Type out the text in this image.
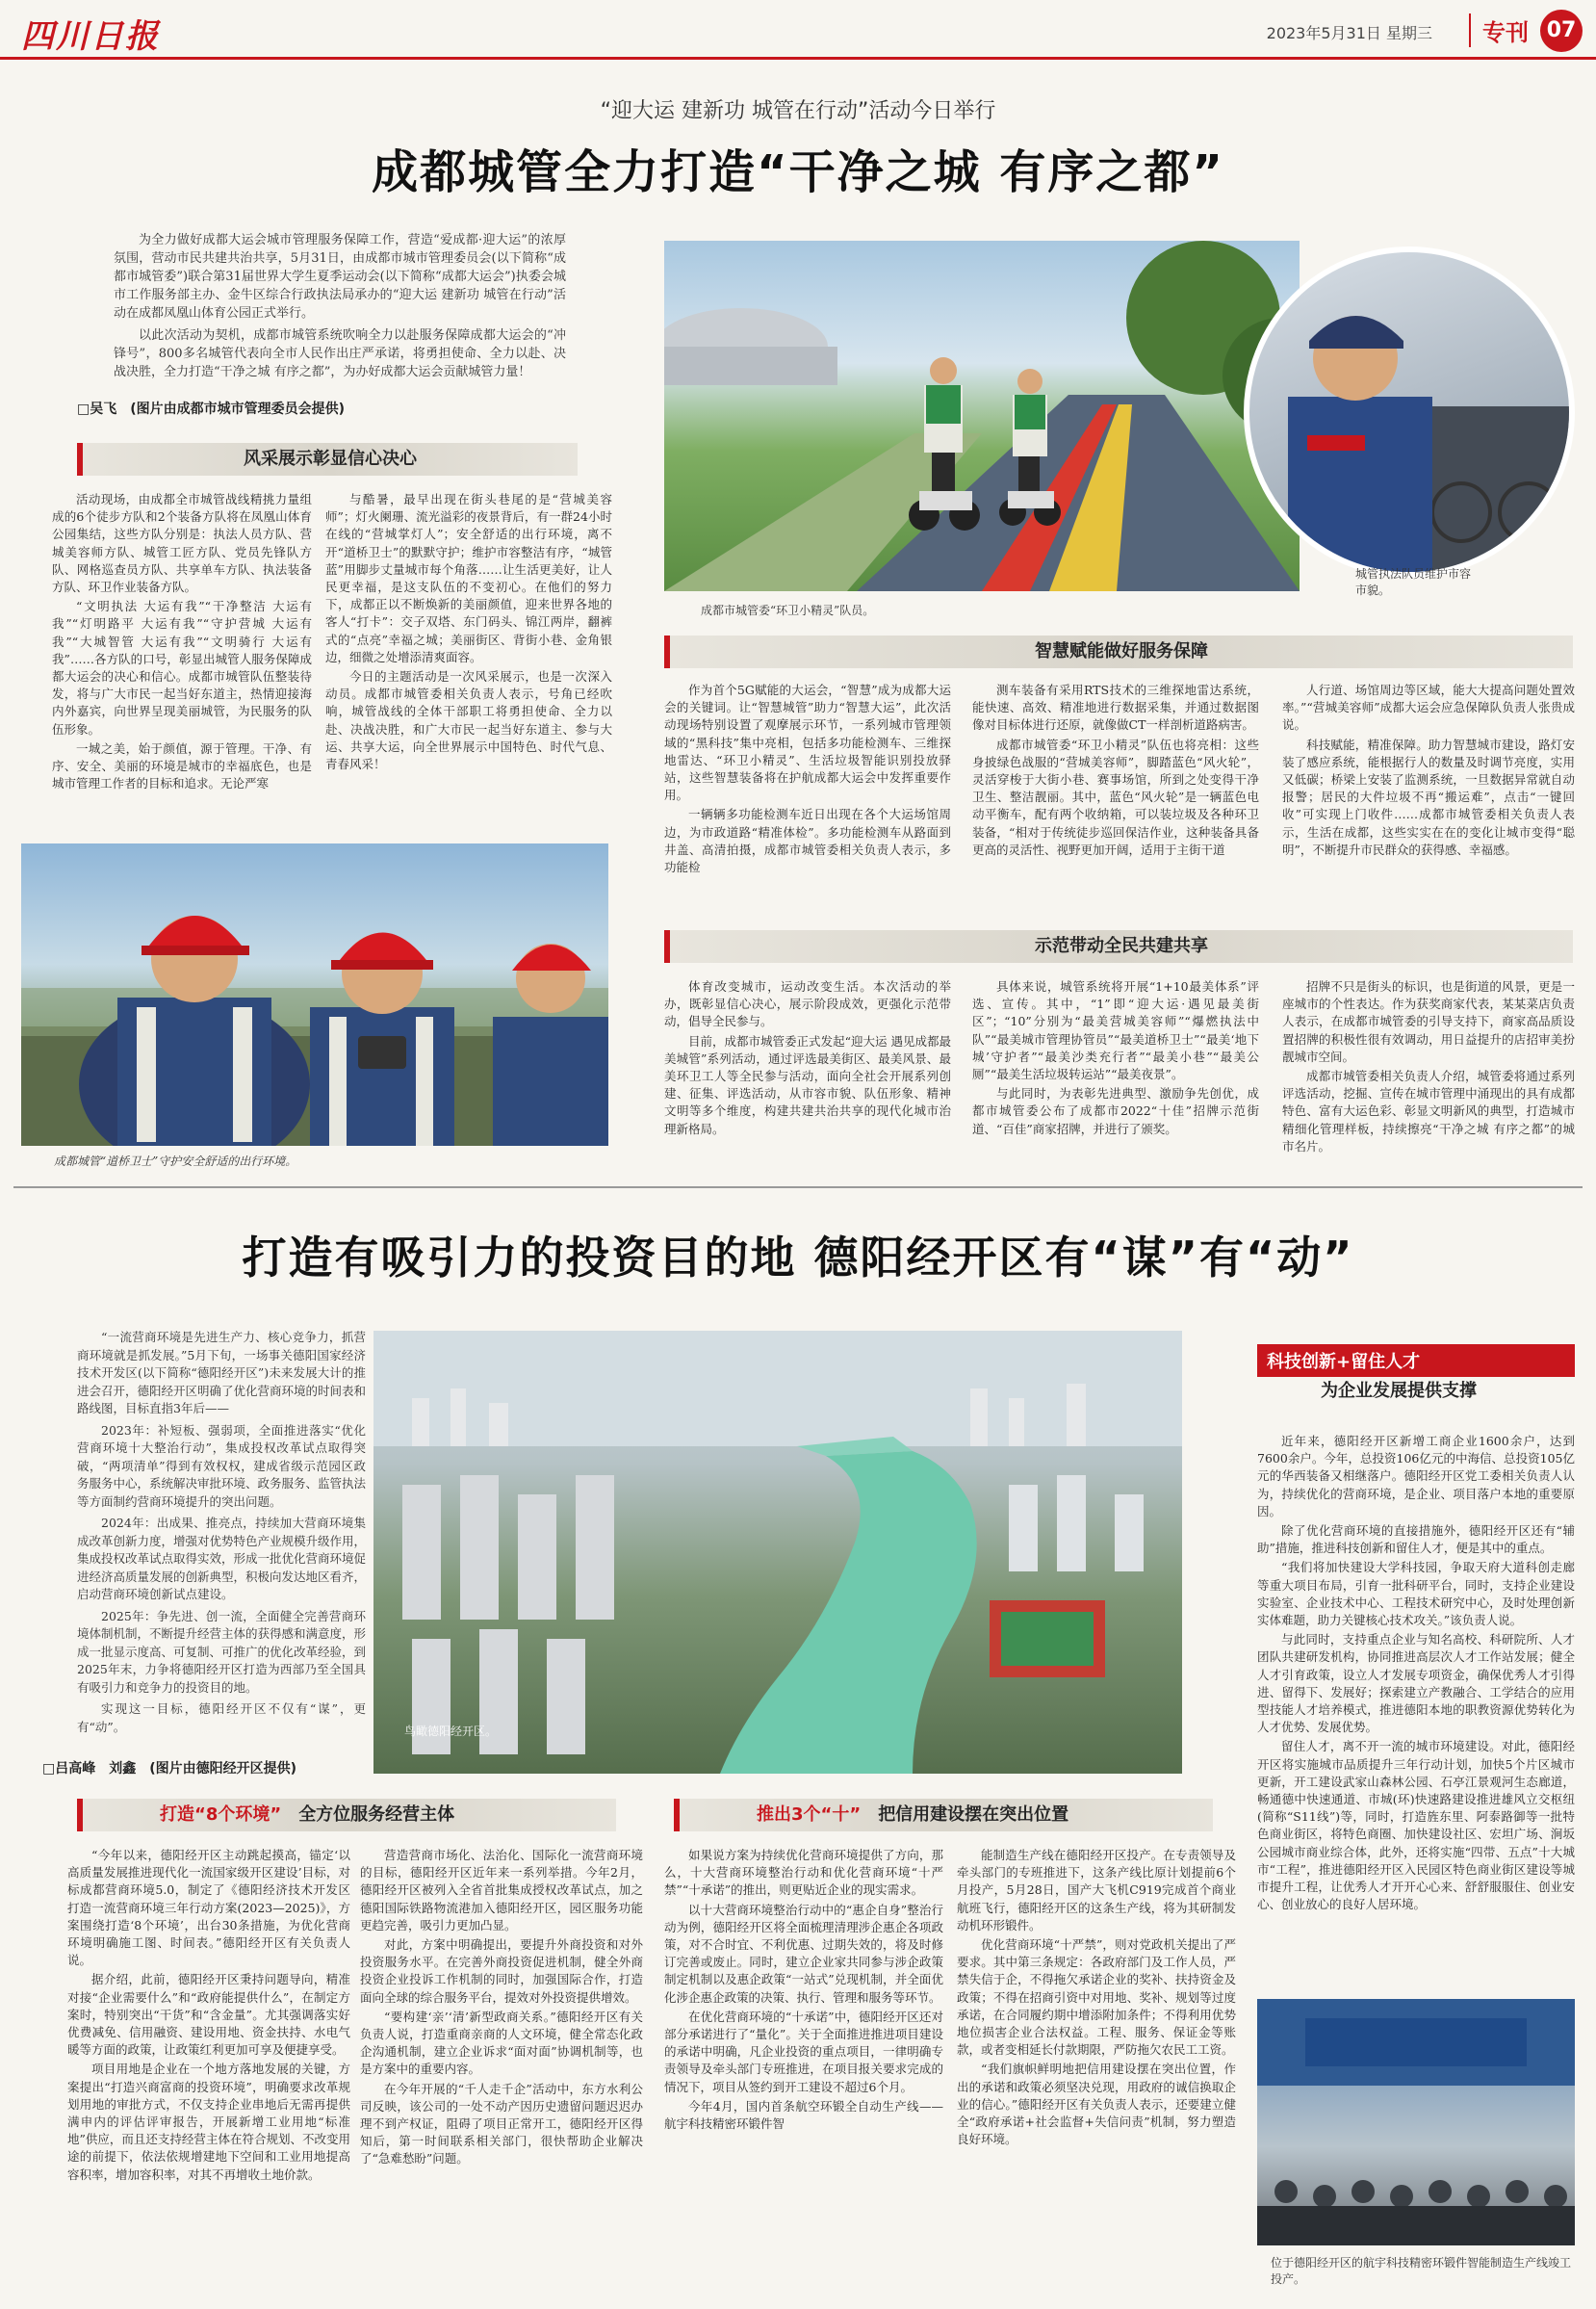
四川日报	2023年5月31日 星期三	专刊 07
“迎大运 建新功 城管在行动”活动今日举行
成都城管全力打造“干净之城 有序之都”

为全力做好成都大运会城市管理服务保障工作，营造“爱成都·迎大运”的浓厚氛围，营动市民共建共治共享，5月31日，由成都市城市管理委员会(以下简称“成都市城管委”)联合第31届世界大学生夏季运动会(以下简称“成都大运会”)执委会城市工作服务部主办、金牛区综合行政执法局承办的“迎大运 建新功 城管在行动”活动在成都凤凰山体育公园正式举行。

以此次活动为契机，成都市城管系统吹响全力以赴服务保障成都大运会的“冲锋号”，800多名城管代表向全市人民作出庄严承诺，将勇担使命、全力以赴、决战决胜，全力打造“干净之城 有序之都”，为办好成都大运会贡献城管力量！

□吴飞　(图片由成都市城市管理委员会提供)
风采展示彰显信心决心

活动现场，由成都全市城管战线精挑力量组成的6个徒步方队和2个装备方队将在凤凰山体育公园集结，这些方队分别是：执法人员方队、营城美容师方队、城管工匠方队、党员先锋队方队、网格巡查员方队、共享单车方队、执法装备方队、环卫作业装备方队。

“文明执法 大运有我”“干净整洁 大运有我”“灯明路平 大运有我”“守护营城 大运有我”“大城智管 大运有我”“文明骑行 大运有我”……各方队的口号，彰显出城管人服务保障成都大运会的决心和信心。成都市城管队伍整装待发，将与广大市民一起当好东道主，热情迎接海内外嘉宾，向世界呈现美丽城管，为民服务的队伍形象。

一城之美，始于颜值，源于管理。干净、有序、安全、美丽的环境是城市的幸福底色，也是城市管理工作者的目标和追求。无论严寒

与酷暑，最早出现在街头巷尾的是“营城美容师”；灯火阑珊、流光溢彩的夜景背后，有一群24小时在线的“营城掌灯人”；安全舒适的出行环境，离不开“道桥卫士”的默默守护；维护市容整洁有序，“城管蓝”用脚步丈量城市每个角落……让生活更美好，让人民更幸福，是这支队伍的不变初心。在他们的努力下，成都正以不断焕新的美丽颜值，迎来世界各地的客人“打卡”：交子双塔、东门码头、锦江两岸，翻裤式的“点亮”幸福之城；美丽街区、背街小巷、金角银边，细微之处增添清爽面容。

今日的主题活动是一次风采展示，也是一次深入动员。成都市城管委相关负责人表示，号角已经吹响，城管战线的全体干部职工将勇担使命、全力以赴、决战决胜，和广大市民一起当好东道主、参与大运、共享大运，向全世界展示中国特色、时代气息、青春风采！

成都城管“道桥卫士”守护安全舒适的出行环境。
成都市城管委“环卫小精灵”队员。
城管执法队员维护市容市貌。
智慧赋能做好服务保障

作为首个5G赋能的大运会，“智慧”成为成都大运会的关键词。让“智慧城管”助力“智慧大运”，此次活动现场特别设置了观摩展示环节，一系列城市管理领域的“黑科技”集中亮相，包括多功能检测车、三维探地雷达、“环卫小精灵”、生活垃圾智能识别投放驿站，这些智慧装备将在护航成都大运会中发挥重要作用。

一辆辆多功能检测车近日出现在各个大运场馆周边，为市政道路“精准体检”。多功能检测车从路面到井盖、高清拍摄，成都市城管委相关负责人表示，多功能检

测车装备有采用RTS技术的三维探地雷达系统，能快速、高效、精准地进行数据采集，并通过数据图像对目标体进行还原，就像做CT一样剖析道路病害。

成都市城管委“环卫小精灵”队伍也将亮相：这些身披绿色战服的“营城美容师”，脚踏蓝色“风火轮”，灵活穿梭于大街小巷、赛事场馆，所到之处变得干净卫生、整洁靓丽。其中，蓝色“风火轮”是一辆蓝色电动平衡车，配有两个收纳箱，可以装垃圾及各种环卫装备，“相对于传统徒步巡回保洁作业，这种装备具备更高的灵活性、视野更加开阔，适用于主街干道

人行道、场馆周边等区域，能大大提高问题处置效率。”“营城美容师”成都大运会应急保障队负责人张贵成说。

科技赋能，精准保障。助力智慧城市建设，路灯安装了感应系统，能根据行人的数量及时调节亮度，实用又低碳；桥梁上安装了监测系统，一旦数据异常就自动报警；居民的大件垃圾不再“搬运难”，点击“一键回收”可实现上门收件……成都市城管委相关负责人表示，生活在成都，这些实实在在的变化让城市变得“聪明”，不断提升市民群众的获得感、幸福感。

示范带动全民共建共享

体育改变城市，运动改变生活。本次活动的举办，既彰显信心决心，展示阶段成效，更强化示范带动，倡导全民参与。

目前，成都市城管委正式发起“迎大运 遇见成都最美城管”系列活动，通过评选最美街区、最美风景、最美环卫工人等全民参与活动，面向全社会开展系列创建、征集、评选活动，从市容市貌、队伍形象、精神文明等多个维度，构建共建共治共享的现代化城市治理新格局。

具体来说，城管系统将开展“1+10最美体系”评选、宣传。其中，“1”即“迎大运·遇见最美街区”；“10”分别为“最美营城美容师”“爆燃执法中队”“最美城市管理协管员”“最美道桥卫士”“最美‘地下城’守护者”“最美沙类充行者”“最美小巷”“最美公厕”“最美生活垃圾转运站”“最美夜景”。

与此同时，为表彰先进典型、激励争先创优，成都市城管委公布了成都市2022“十佳”招牌示范街道、“百佳”商家招牌，并进行了颁奖。

招牌不只是街头的标识，也是街道的风景，更是一座城市的个性表达。作为获奖商家代表，某某菜店负责人表示，在成都市城管委的引导支持下，商家高品质设置招牌的积极性很有效调动，用日益提升的店招审美扮靓城市空间。

成都市城管委相关负责人介绍，城管委将通过系列评选活动，挖掘、宣传在城市管理中涌现出的具有成都特色、富有大运色彩、彰显文明新风的典型，打造城市精细化管理样板，持续擦亮“干净之城 有序之都”的城市名片。

打造有吸引力的投资目的地 德阳经开区有“谋”有“动”

“一流营商环境是先进生产力、核心竞争力，抓营商环境就是抓发展。”5月下旬，一场事关德阳国家经济技术开发区(以下简称“德阳经开区”)未来发展大计的推进会召开，德阳经开区明确了优化营商环境的时间表和路线图，目标直指3年后——

2023年：补短板、强弱项，全面推进落实“优化营商环境十大整治行动”，集成投权改革试点取得突破，“两项清单”得到有效权权，建成省级示范园区政务服务中心，系统解决审批环境、政务服务、监管执法等方面制约营商环境提升的突出问题。

2024年：出成果、推亮点，持续加大营商环境集成改革创新力度，增强对优势特色产业规模升级作用，集成投权改革试点取得实效，形成一批优化营商环境促进经济高质量发展的创新典型，积极向发达地区看齐，启动营商环境创新试点建设。

2025年：争先进、创一流，全面健全完善营商环境体制机制，不断提升经营主体的获得感和满意度，形成一批显示度高、可复制、可推广的优化改革经验，到2025年末，力争将德阳经开区打造为西部乃至全国具有吸引力和竞争力的投资目的地。

实现这一目标，德阳经开区不仅有“谋”，更有“动”。

□吕高峰　刘鑫　(图片由德阳经开区提供)
鸟瞰德阳经开区。
科技创新+留住人才
为企业发展提供支撑

近年来，德阳经开区新增工商企业1600余户，达到7600余户。今年，总投资106亿元的中海信、总投资105亿元的华西装备又相继落户。德阳经开区党工委相关负责人认为，持续优化的营商环境，是企业、项目落户本地的重要原因。

除了优化营商环境的直接措施外，德阳经开区还有“辅助”措施，推进科技创新和留住人才，便是其中的重点。

“我们将加快建设大学科技园，争取天府大道科创走廊等重大项目布局，引育一批科研平台，同时，支持企业建设实验室、企业技术中心、工程技术研究中心，及时处理创新实体难题，助力关键核心技术攻关。”该负责人说。

与此同时，支持重点企业与知名高校、科研院所、人才团队共建研发机构，协同推进高层次人才工作站发展；健全人才引育政策，设立人才发展专项资金，确保优秀人才引得进、留得下、发展好；探索建立产教融合、工学结合的应用型技能人才培养模式，推进德阳本地的职教资源优势转化为人才优势、发展优势。

留住人才，离不开一流的城市环境建设。对此，德阳经开区将实施城市品质提升三年行动计划，加快5个片区城市更新，开工建设武家山森林公园、石亭江景观河生态廊道，畅通德中快速通道、市城(环)快速路建设推进雄风立交枢纽(简称“S11线”)等，同时，打造旌东里、阿泰路御等一批特色商业街区，将特色商圈、加快建设社区、宏坦广场、涧坂公园城市商业综合体，此外，还将实施“四带、五点”十大城市“工程”，推进德阳经开区入民园区特色商业街区建设等城市提升工程，让优秀人才开开心心来、舒舒服服住、创业安心、创业放心的良好人居环境。

位于德阳经开区的航宇科技精密环锻件智能制造生产线竣工投产。
打造“8个环境”　 全方位服务经营主体	推出3个“十”　 把信用建设摆在突出位置

“今年以来，德阳经开区主动跳起摸高，锚定‘以高质量发展推进现代化一流国家级开区建设’目标，对标成都营商环境5.0，制定了《德阳经济技术开发区打造一流营商环境三年行动方案(2023—2025)》，方案围绕打造‘8个环境’，出台30条措施，为优化营商环境明确施工图、时间表。”德阳经开区有关负责人说。

据介绍，此前，德阳经开区秉持问题导向，精准对接“企业需要什么”和“政府能提供什么”，在制定方案时，特别突出“干货”和“含金量”。尤其强调落实好优费减免、信用融资、建设用地、资金扶持、水电气暖等方面的政策，让政策红利更加可享及便捷享受。

项目用地是企业在一个地方落地发展的关键，方案提出“打造兴商富商的投资环境”，明确要求改革规划用地的审批方式，不仅支持企业串地后无需再提供满申内的评估评审报告，开展新增工业用地“标准地”供应，而且还支持经营主体在符合规划、不改变用途的前提下，依法依规增建地下空间和工业用地提高容积率，增加容积率，对其不再增收土地价款。

营造营商市场化、法治化、国际化一流营商环境的目标，德阳经开区近年来一系列举措。今年2月，德阳经开区被列入全省首批集成授权改革试点，加之德阳国际铁路物流港加入德阳经开区，园区服务功能更趋完善，吸引力更加凸显。

对此，方案中明确提出，要提升外商投资和对外投资服务水平。在完善外商投资促进机制，健全外商投资企业投诉工作机制的同时，加强国际合作，打造面向全球的综合服务平台，提效对外投资提供增效。

“要构建‘亲’‘清’新型政商关系。”德阳经开区有关负责人说，打造重商亲商的人文环境，健全常态化政企沟通机制，建立企业诉求“面对面”协调机制等，也是方案中的重要内容。

在今年开展的“千人走千企”活动中，东方水利公司反映，该公司的一处不动产因历史遗留问题迟迟办理不到产权证，阻碍了项目正常开工，德阳经开区得知后，第一时间联系相关部门，很快帮助企业解决了“急难愁盼”问题。

如果说方案为持续优化营商环境提供了方向，那么，十大营商环境整治行动和优化营商环境“十严禁”“十承诺”的推出，则更贴近企业的现实需求。

以十大营商环境整治行动中的“惠企自身”整治行动为例，德阳经开区将全面梳理清理涉企惠企各项政策，对不合时宜、不利优惠、过期失效的，将及时修订完善或废止。同时，建立企业家共同参与涉企政策制定机制以及惠企政策“一站式”兑现机制，并全面优化涉企惠企政策的决策、执行、管理和服务等环节。

在优化营商环境的“十承诺”中，德阳经开区还对部分承诺进行了“量化”。关于全面推进推进项目建设的承诺中明确，凡企业投资的重点项目，一律明确专责领导及牵头部门专班推进，在项目报关要求完成的情况下，项目从签约到开工建设不超过6个月。

今年4月，国内首条航空环锻全自动生产线——航宇科技精密环锻件智

能制造生产线在德阳经开区投产。在专责领导及牵头部门的专班推进下，这条产线比原计划提前6个月投产，5月28日，国产大飞机C919完成首个商业航班飞行，德阳经开区的这条生产线，将为其研制发动机环形锻件。

优化营商环境“十严禁”，则对党政机关提出了严要求。其中第三条规定：各政府部门及工作人员，严禁失信于企，不得拖欠承诺企业的奖补、扶持资金及政策；不得在招商引资中对用地、奖补、规划等过度承诺，在合同履约期中增添附加条件；不得利用优势地位损害企业合法权益。工程、服务、保证金等账款，或者变相延长付款期限，严防拖欠农民工工资。

“我们旗帜鲜明地把信用建设摆在突出位置，作出的承诺和政策必须坚决兑现，用政府的诚信换取企业的信心。”德阳经开区有关负责人表示，还要建立健全“政府承诺+社会监督+失信问责”机制，努力塑造良好环境。
